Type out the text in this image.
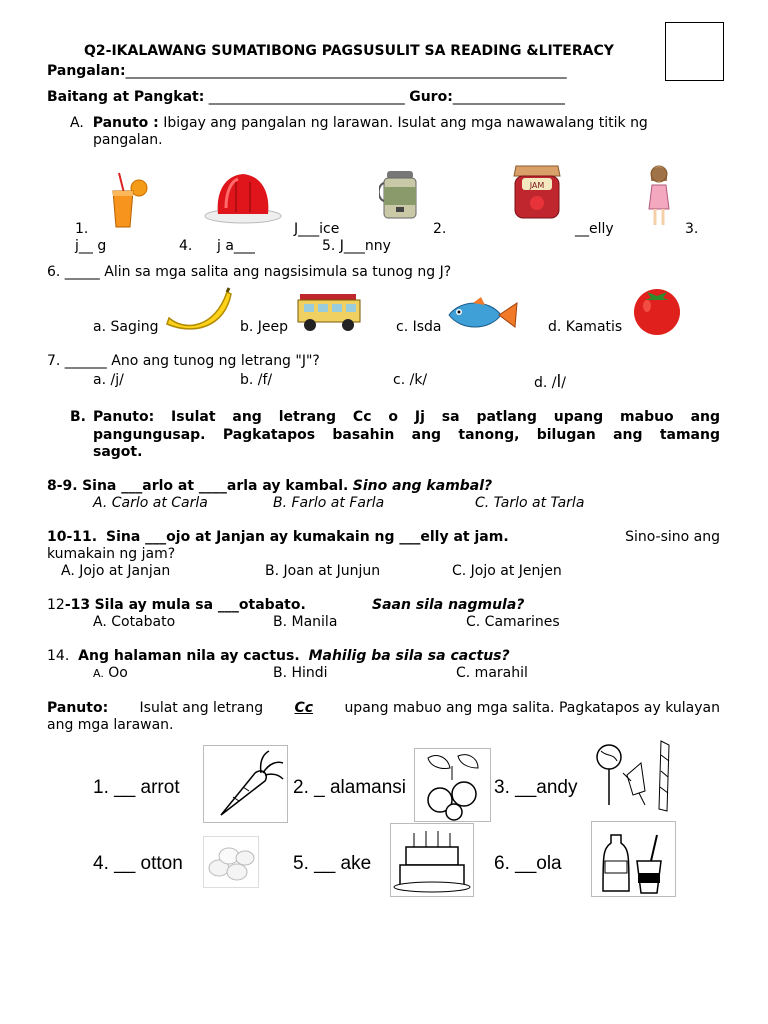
Q2-IKALAWANG SUMATIBONG PAGSUSULIT SA READING &LITERACY
Pangalan:_______________________________________________________________
Baitang at Pangkat: ____________________________ Guro:________________
A. Panuto : Ibigay ang pangalan ng larawan. Isulat ang mga nawawalang titik ng
pangalan.
JAM
1.	J___ice	2.	__elly	3.
j__ g	4. j a___	5. J___nny
6. _____ Alin sa mga salita ang nagsisimula sa tunog ng J?
a. Saging	b. Jeep	c. Isda	d. Kamatis
7. ______ Ano ang tunog ng letrang "J"?
a. /j/	b. /f/	c. /k/	d. /l/
B. Panuto: Isulat ang letrang Cc o Jj sa patlang upang mabuo ang
pangungusap. Pagkatapos basahin ang tanong, bilugan ang tamang
sagot.
8-9. Sina ___arlo at ____arla ay kambal. Sino ang kambal?
A. Carlo at Carla	B. Farlo at Farla	C. Tarlo at Tarla
10-11. Sina ___ojo at Janjan ay kumakain ng ___elly at jam.	Sino-sino ang
kumakain ng jam?
A. Jojo at Janjan	B. Joan at Junjun	C. Jojo at Jenjen
12-13 Sila ay mula sa ___otabato.	Saan sila nagmula?
A. Cotabato	B. Manila	C. Camarines
14. Ang halaman nila ay cactus. Mahilig ba sila sa cactus?
A. Oo	B. Hindi	C. marahil
Panuto: Isulat ang letrang Cc upang mabuo ang mga salita. Pagkatapos ay kulayan
ang mga larawan.
1. __ arrot	2. _ alamansi	3. __andy
4. __ otton	5. __ ake	6. __ola
